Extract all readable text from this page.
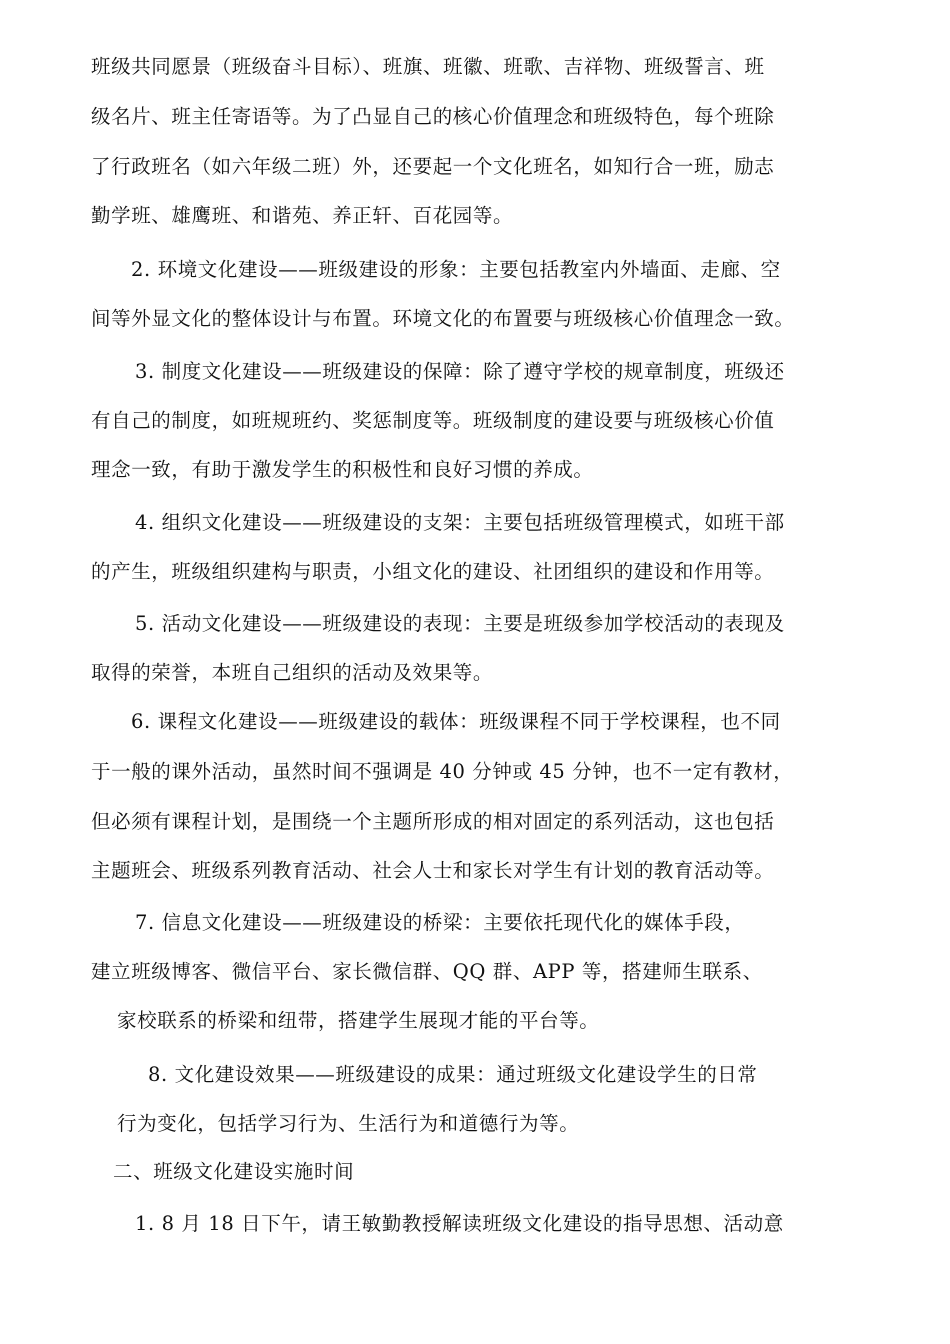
班级共同愿景（班级奋斗目标）、班旗、班徽、班歌、吉祥物、班级誓言、班
级名片、班主任寄语等。为了凸显自己的核心价值理念和班级特色，每个班除
了行政班名（如六年级二班）外，还要起一个文化班名，如知行合一班，励志
勤学班、雄鹰班、和谐苑、养正轩、百花园等。
2. 环境文化建设——班级建设的形象：主要包括教室内外墙面、走廊、空
间等外显文化的整体设计与布置。环境文化的布置要与班级核心价值理念一致。
3. 制度文化建设——班级建设的保障：除了遵守学校的规章制度，班级还
有自己的制度，如班规班约、奖惩制度等。班级制度的建设要与班级核心价值
理念一致，有助于激发学生的积极性和良好习惯的养成。
4. 组织文化建设——班级建设的支架：主要包括班级管理模式，如班干部
的产生，班级组织建构与职责，小组文化的建设、社团组织的建设和作用等。
5. 活动文化建设——班级建设的表现：主要是班级参加学校活动的表现及
取得的荣誉，本班自己组织的活动及效果等。
6. 课程文化建设——班级建设的载体：班级课程不同于学校课程，也不同
于一般的课外活动，虽然时间不强调是 40 分钟或 45 分钟，也不一定有教材，
但必须有课程计划，是围绕一个主题所形成的相对固定的系列活动，这也包括
主题班会、班级系列教育活动、社会人士和家长对学生有计划的教育活动等。
7. 信息文化建设——班级建设的桥梁：主要依托现代化的媒体手段，
建立班级博客、微信平台、家长微信群、QQ 群、APP 等，搭建师生联系、
家校联系的桥梁和纽带，搭建学生展现才能的平台等。
8. 文化建设效果——班级建设的成果：通过班级文化建设学生的日常
行为变化，包括学习行为、生活行为和道德行为等。
二、班级文化建设实施时间
1. 8 月 18 日下午，请王敏勤教授解读班级文化建设的指导思想、活动意
